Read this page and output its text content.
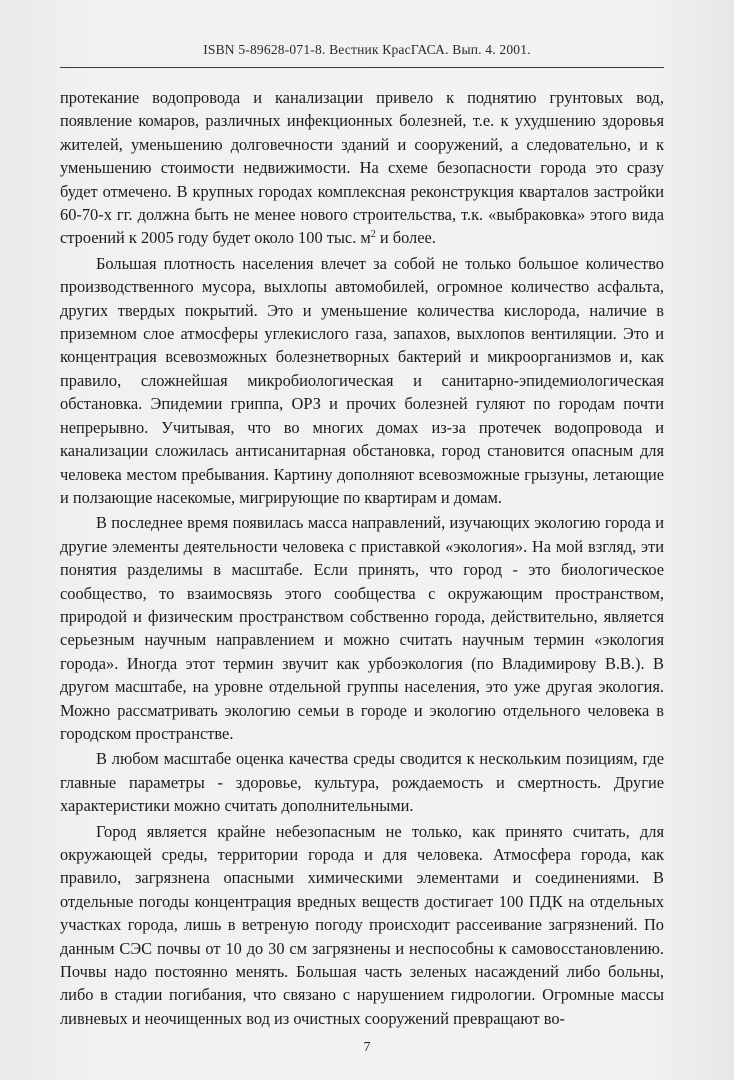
ISBN 5-89628-071-8. Вестник КрасГАСА. Вып. 4. 2001.

протекание водопровода и канализации привело к поднятию грунтовых вод, появление комаров, различных инфекционных болезней, т.е. к ухудшению здоровья жителей, уменьшению долговечности зданий и сооружений, а следовательно, и к уменьшению стоимости недвижимости. На схеме безопасности города это сразу будет отмечено. В крупных городах комплексная реконструкция кварталов застройки 60-70-х гг. должна быть не менее нового строительства, т.к. «выбраковка» этого вида строений к 2005 году будет около 100 тыс. $м^2$ и более.

Большая плотность населения влечет за собой не только большое количество производственного мусора, выхлопы автомобилей, огромное количество асфальта, других твердых покрытий. Это и уменьшение количества кислорода, наличие в приземном слое атмосферы углекислого газа, запахов, выхлопов вентиляции. Это и концентрация всевозможных болезнетворных бактерий и микроорганизмов и, как правило, сложнейшая микробиологическая и санитарно-эпидемиологическая обстановка. Эпидемии гриппа, ОРЗ и прочих болезней гуляют по городам почти непрерывно. Учитывая, что во многих домах из-за протечек водопровода и канализации сложилась антисанитарная обстановка, город становится опасным для человека местом пребывания. Картину дополняют всевозможные грызуны, летающие и ползающие насекомые, мигрирующие по квартирам и домам.

В последнее время появилась масса направлений, изучающих экологию города и другие элементы деятельности человека с приставкой «экология». На мой взгляд, эти понятия разделимы в масштабе. Если принять, что город - это биологическое сообщество, то взаимосвязь этого сообщества с окружающим пространством, природой и физическим пространством собственно города, действительно, является серьезным научным направлением и можно считать научным термин «экология города». Иногда этот термин звучит как урбоэкология (по Владимирову В.В.). В другом масштабе, на уровне отдельной группы населения, это уже другая экология. Можно рассматривать экологию семьи в городе и экологию отдельного человека в городском пространстве.

В любом масштабе оценка качества среды сводится к нескольким позициям, где главные параметры - здоровье, культура, рождаемость и смертность. Другие характеристики можно считать дополнительными.

Город является крайне небезопасным не только, как принято считать, для окружающей среды, территории города и для человека. Атмосфера города, как правило, загрязнена опасными химическими элементами и соединениями. В отдельные погоды концентрация вредных веществ достигает 100 ПДК на отдельных участках города, лишь в ветреную погоду происходит рассеивание загрязнений. По данным СЭС почвы от 10 до 30 см загрязнены и неспособны к самовосстановлению. Почвы надо постоянно менять. Большая часть зеленых насаждений либо больны, либо в стадии погибания, что связано с нарушением гидрологии. Огромные массы ливневых и неочищенных вод из очистных сооружений превращают во-

7
